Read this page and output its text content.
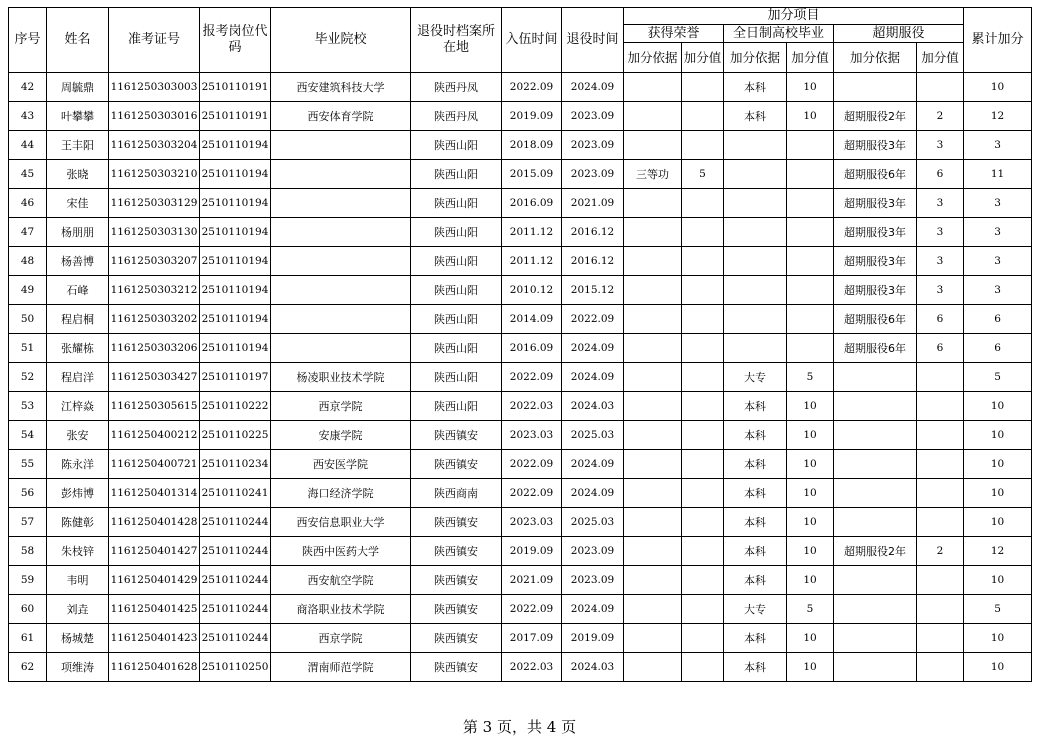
序号	姓名	准考证号	报考岗位代码	毕业院校	退役时档案所在地	入伍时间	退役时间	加分项目						累计加分
								获得荣誉		全日制高校毕业		超期服役		
								加分依据	加分值	加分依据	加分值	加分依据	加分值	
42	周毓鼎	1161250303003	2510110191	西安建筑科技大学	陕西丹凤	2022.09	2024.09			本科	10			10
43	叶攀攀	1161250303016	2510110191	西安体育学院	陕西丹凤	2019.09	2023.09			本科	10	超期服役2年	2	12
44	王丰阳	1161250303204	2510110194		陕西山阳	2018.09	2023.09					超期服役3年	3	3
45	张晓	1161250303210	2510110194		陕西山阳	2015.09	2023.09	三等功	5			超期服役6年	6	11
46	宋佳	1161250303129	2510110194		陕西山阳	2016.09	2021.09					超期服役3年	3	3
47	杨朋朋	1161250303130	2510110194		陕西山阳	2011.12	2016.12					超期服役3年	3	3
48	杨善博	1161250303207	2510110194		陕西山阳	2011.12	2016.12					超期服役3年	3	3
49	石峰	1161250303212	2510110194		陕西山阳	2010.12	2015.12					超期服役3年	3	3
50	程启桐	1161250303202	2510110194		陕西山阳	2014.09	2022.09					超期服役6年	6	6
51	张耀栋	1161250303206	2510110194		陕西山阳	2016.09	2024.09					超期服役6年	6	6
52	程启洋	1161250303427	2510110197	杨凌职业技术学院	陕西山阳	2022.09	2024.09			大专	5			5
53	江梓焱	1161250305615	2510110222	西京学院	陕西山阳	2022.03	2024.03			本科	10			10
54	张安	1161250400212	2510110225	安康学院	陕西镇安	2023.03	2025.03			本科	10			10
55	陈永洋	1161250400721	2510110234	西安医学院	陕西镇安	2022.09	2024.09			本科	10			10
56	彭炜博	1161250401314	2510110241	海口经济学院	陕西商南	2022.09	2024.09			本科	10			10
57	陈健彰	1161250401428	2510110244	西安信息职业大学	陕西镇安	2023.03	2025.03			本科	10			10
58	朱枝锌	1161250401427	2510110244	陕西中医药大学	陕西镇安	2019.09	2023.09			本科	10	超期服役2年	2	12
59	韦明	1161250401429	2510110244	西安航空学院	陕西镇安	2021.09	2023.09			本科	10			10
60	刘垚	1161250401425	2510110244	商洛职业技术学院	陕西镇安	2022.09	2024.09			大专	5			5
61	杨城楚	1161250401423	2510110244	西京学院	陕西镇安	2017.09	2019.09			本科	10			10
62	项维涛	1161250401628	2510110250	渭南师范学院	陕西镇安	2022.03	2024.03			本科	10			10
第 3 页，共 4 页
